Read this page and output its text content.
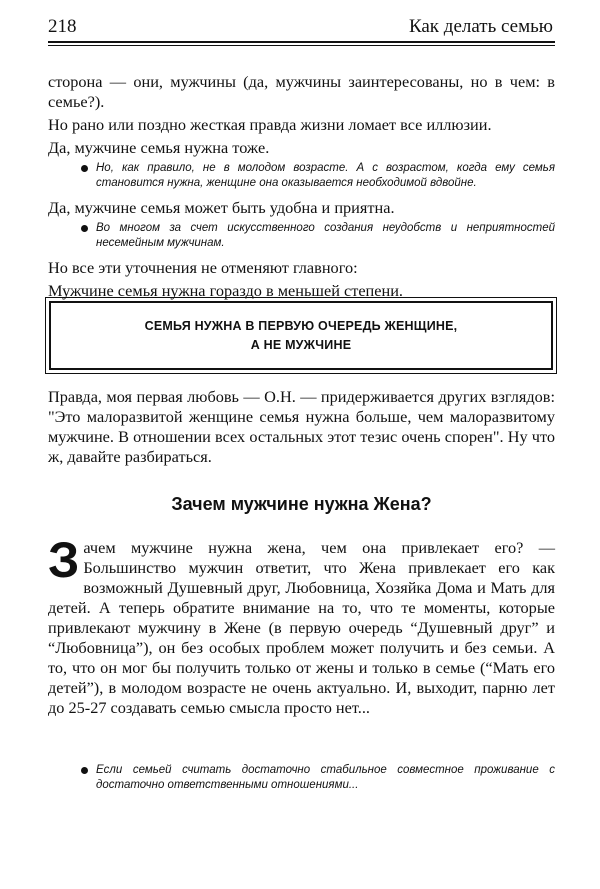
218	Как делать семью

сторона — они, мужчины (да, мужчины заинтересованы, но в чем: в семье?).

Но рано или поздно жесткая правда жизни ломает все иллюзии.

Да, мужчине семья нужна тоже.

Но, как правило, не в молодом возрасте. А с возрастом, когда ему семья становится нужна, женщине она оказывается необходимой вдвойне.

Да, мужчине семья может быть удобна и приятна.

Во многом за счет искусственного создания неудобств и неприятностей несемейным мужчинам.

Но все эти уточнения не отменяют главного:

Мужчине семья нужна гораздо в меньшей степени.

СЕМЬЯ НУЖНА В ПЕРВУЮ ОЧЕРЕДЬ ЖЕНЩИНЕ,
А НЕ МУЖЧИНЕ

Правда, моя первая любовь — О.Н. — придерживается других взглядов: "Это малоразвитой женщине семья нужна больше, чем малоразвитому мужчине. В отношении всех остальных этот тезис очень спорен". Ну что ж, давайте разбираться.

Зачем мужчине нужна Жена?

Зачем мужчине нужна жена, чем она привлекает его? — Большинство мужчин ответит, что Жена привлекает его как возможный Душевный друг, Любовница, Хозяйка Дома и Мать для детей. А теперь обратите внимание на то, что те моменты, которые привлекают мужчину в Жене (в первую очередь “Душевный друг” и “Любовница”), он без особых проблем может получить и без семьи. А то, что он мог бы получить только от жены и только в семье (“Мать его детей”), в молодом возрасте не очень актуально. И, выходит, парню лет до 25-27 создавать семью смысла просто нет...

Если семьей считать достаточно стабильное совместное проживание с достаточно ответственными отношениями...
